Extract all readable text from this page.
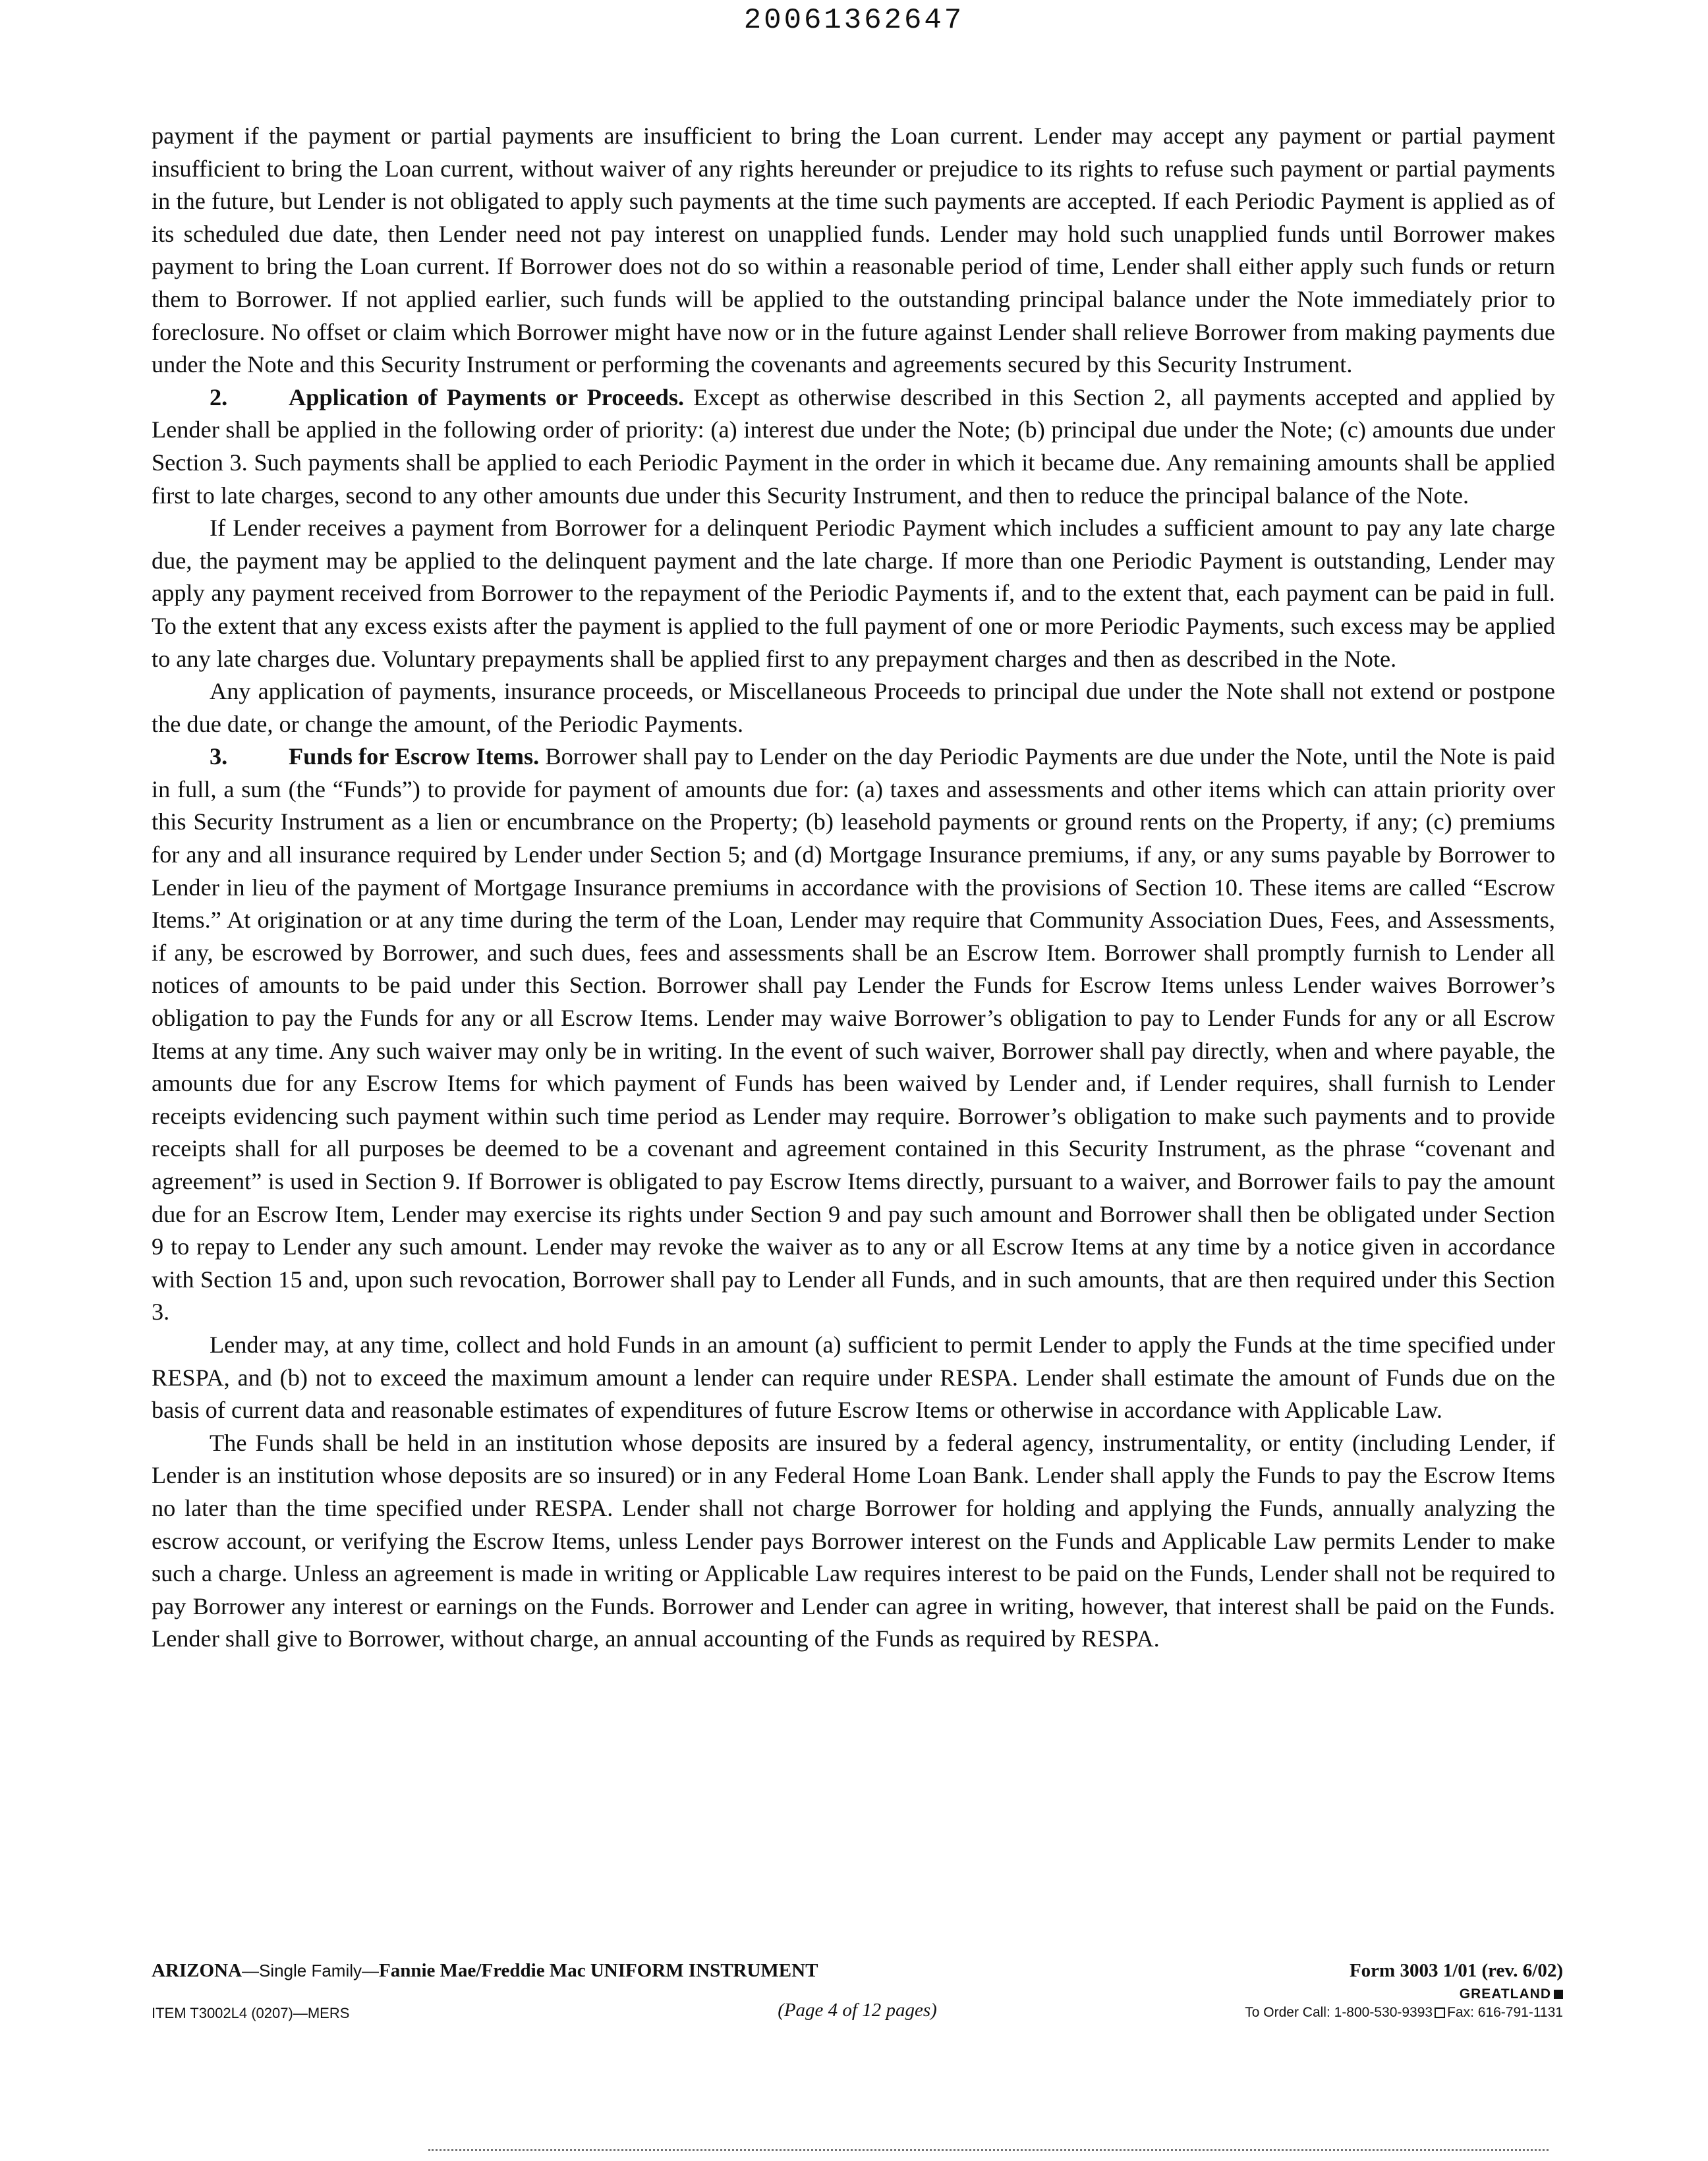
20061362647

payment if the payment or partial payments are insufficient to bring the Loan current. Lender may accept any payment or partial payment insufficient to bring the Loan current, without waiver of any rights hereunder or prejudice to its rights to refuse such payment or partial payments in the future, but Lender is not obligated to apply such payments at the time such payments are accepted. If each Periodic Payment is applied as of its scheduled due date, then Lender need not pay interest on unapplied funds. Lender may hold such unapplied funds until Borrower makes payment to bring the Loan current. If Borrower does not do so within a reasonable period of time, Lender shall either apply such funds or return them to Borrower. If not applied earlier, such funds will be applied to the outstanding principal balance under the Note immediately prior to foreclosure. No offset or claim which Borrower might have now or in the future against Lender shall relieve Borrower from making payments due under the Note and this Security Instrument or performing the covenants and agreements secured by this Security Instrument.

2.	Application of Payments or Proceeds. Except as otherwise described in this Section 2, all payments accepted and applied by Lender shall be applied in the following order of priority: (a) interest due under the Note; (b) principal due under the Note; (c) amounts due under Section 3. Such payments shall be applied to each Periodic Payment in the order in which it became due. Any remaining amounts shall be applied first to late charges, second to any other amounts due under this Security Instrument, and then to reduce the principal balance of the Note.

If Lender receives a payment from Borrower for a delinquent Periodic Payment which includes a sufficient amount to pay any late charge due, the payment may be applied to the delinquent payment and the late charge. If more than one Periodic Payment is outstanding, Lender may apply any payment received from Borrower to the repayment of the Periodic Payments if, and to the extent that, each payment can be paid in full. To the extent that any excess exists after the payment is applied to the full payment of one or more Periodic Payments, such excess may be applied to any late charges due. Voluntary prepayments shall be applied first to any prepayment charges and then as described in the Note.

Any application of payments, insurance proceeds, or Miscellaneous Proceeds to principal due under the Note shall not extend or postpone the due date, or change the amount, of the Periodic Payments.

3.	Funds for Escrow Items. Borrower shall pay to Lender on the day Periodic Payments are due under the Note, until the Note is paid in full, a sum (the “Funds”) to provide for payment of amounts due for: (a) taxes and assessments and other items which can attain priority over this Security Instrument as a lien or encumbrance on the Property; (b) leasehold payments or ground rents on the Property, if any; (c) premiums for any and all insurance required by Lender under Section 5; and (d) Mortgage Insurance premiums, if any, or any sums payable by Borrower to Lender in lieu of the payment of Mortgage Insurance premiums in accordance with the provisions of Section 10. These items are called “Escrow Items.” At origination or at any time during the term of the Loan, Lender may require that Community Association Dues, Fees, and Assessments, if any, be escrowed by Borrower, and such dues, fees and assessments shall be an Escrow Item. Borrower shall promptly furnish to Lender all notices of amounts to be paid under this Section. Borrower shall pay Lender the Funds for Escrow Items unless Lender waives Borrower’s obligation to pay the Funds for any or all Escrow Items. Lender may waive Borrower’s obligation to pay to Lender Funds for any or all Escrow Items at any time. Any such waiver may only be in writing. In the event of such waiver, Borrower shall pay directly, when and where payable, the amounts due for any Escrow Items for which payment of Funds has been waived by Lender and, if Lender requires, shall furnish to Lender receipts evidencing such payment within such time period as Lender may require. Borrower’s obligation to make such payments and to provide receipts shall for all purposes be deemed to be a covenant and agreement contained in this Security Instrument, as the phrase “covenant and agreement” is used in Section 9. If Borrower is obligated to pay Escrow Items directly, pursuant to a waiver, and Borrower fails to pay the amount due for an Escrow Item, Lender may exercise its rights under Section 9 and pay such amount and Borrower shall then be obligated under Section 9 to repay to Lender any such amount. Lender may revoke the waiver as to any or all Escrow Items at any time by a notice given in accordance with Section 15 and, upon such revocation, Borrower shall pay to Lender all Funds, and in such amounts, that are then required under this Section 3.

Lender may, at any time, collect and hold Funds in an amount (a) sufficient to permit Lender to apply the Funds at the time specified under RESPA, and (b) not to exceed the maximum amount a lender can require under RESPA. Lender shall estimate the amount of Funds due on the basis of current data and reasonable estimates of expenditures of future Escrow Items or otherwise in accordance with Applicable Law.

The Funds shall be held in an institution whose deposits are insured by a federal agency, instrumentality, or entity (including Lender, if Lender is an institution whose deposits are so insured) or in any Federal Home Loan Bank. Lender shall apply the Funds to pay the Escrow Items no later than the time specified under RESPA. Lender shall not charge Borrower for holding and applying the Funds, annually analyzing the escrow account, or verifying the Escrow Items, unless Lender pays Borrower interest on the Funds and Applicable Law permits Lender to make such a charge. Unless an agreement is made in writing or Applicable Law requires interest to be paid on the Funds, Lender shall not be required to pay Borrower any interest or earnings on the Funds. Borrower and Lender can agree in writing, however, that interest shall be paid on the Funds. Lender shall give to Borrower, without charge, an annual accounting of the Funds as required by RESPA.

ARIZONA—Single Family—Fannie Mae/Freddie Mac UNIFORM INSTRUMENT	Form 3003 1/01 (rev. 6/02)
ITEM T3002L4 (0207)—MERS	(Page 4 of 12 pages)
GREATLAND
To Order Call: 1-800-530-9393 Fax: 616-791-1131
